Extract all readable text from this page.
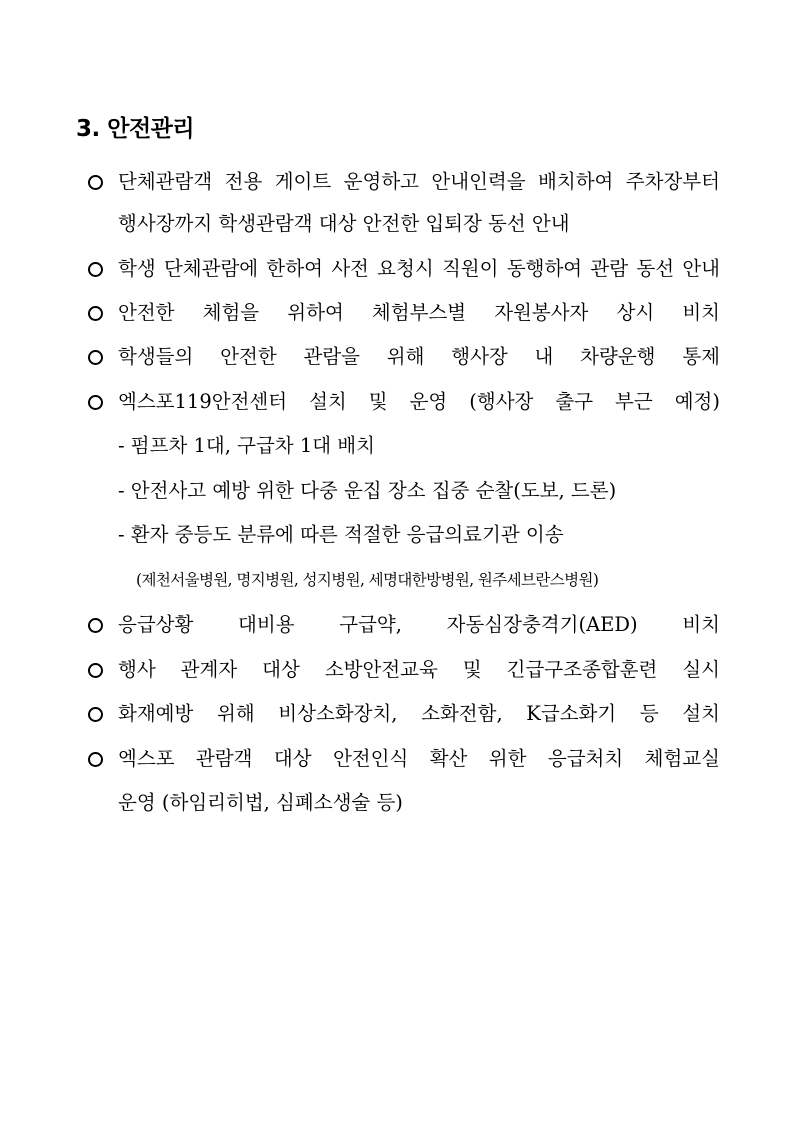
3. 안전관리
단체관람객 전용 게이트 운영하고 안내인력을 배치하여 주차장부터
행사장까지 학생관람객 대상 안전한 입퇴장 동선 안내
학생 단체관람에 한하여 사전 요청시 직원이 동행하여 관람 동선 안내
안전한 체험을 위하여 체험부스별 자원봉사자 상시 비치
학생들의 안전한 관람을 위해 행사장 내 차량운행 통제
엑스포119안전센터 설치 및 운영 (행사장 출구 부근 예정)
- 펌프차 1대, 구급차 1대 배치
- 안전사고 예방 위한 다중 운집 장소 집중 순찰(도보, 드론)
- 환자 중등도 분류에 따른 적절한 응급의료기관 이송
(제천서울병원, 명지병원, 성지병원, 세명대한방병원, 원주세브란스병원)
응급상황 대비용 구급약, 자동심장충격기(AED) 비치
행사 관계자 대상 소방안전교육 및 긴급구조종합훈련 실시
화재예방 위해 비상소화장치, 소화전함, K급소화기 등 설치
엑스포 관람객 대상 안전인식 확산 위한 응급처치 체험교실
운영 (하임리히법, 심폐소생술 등)
